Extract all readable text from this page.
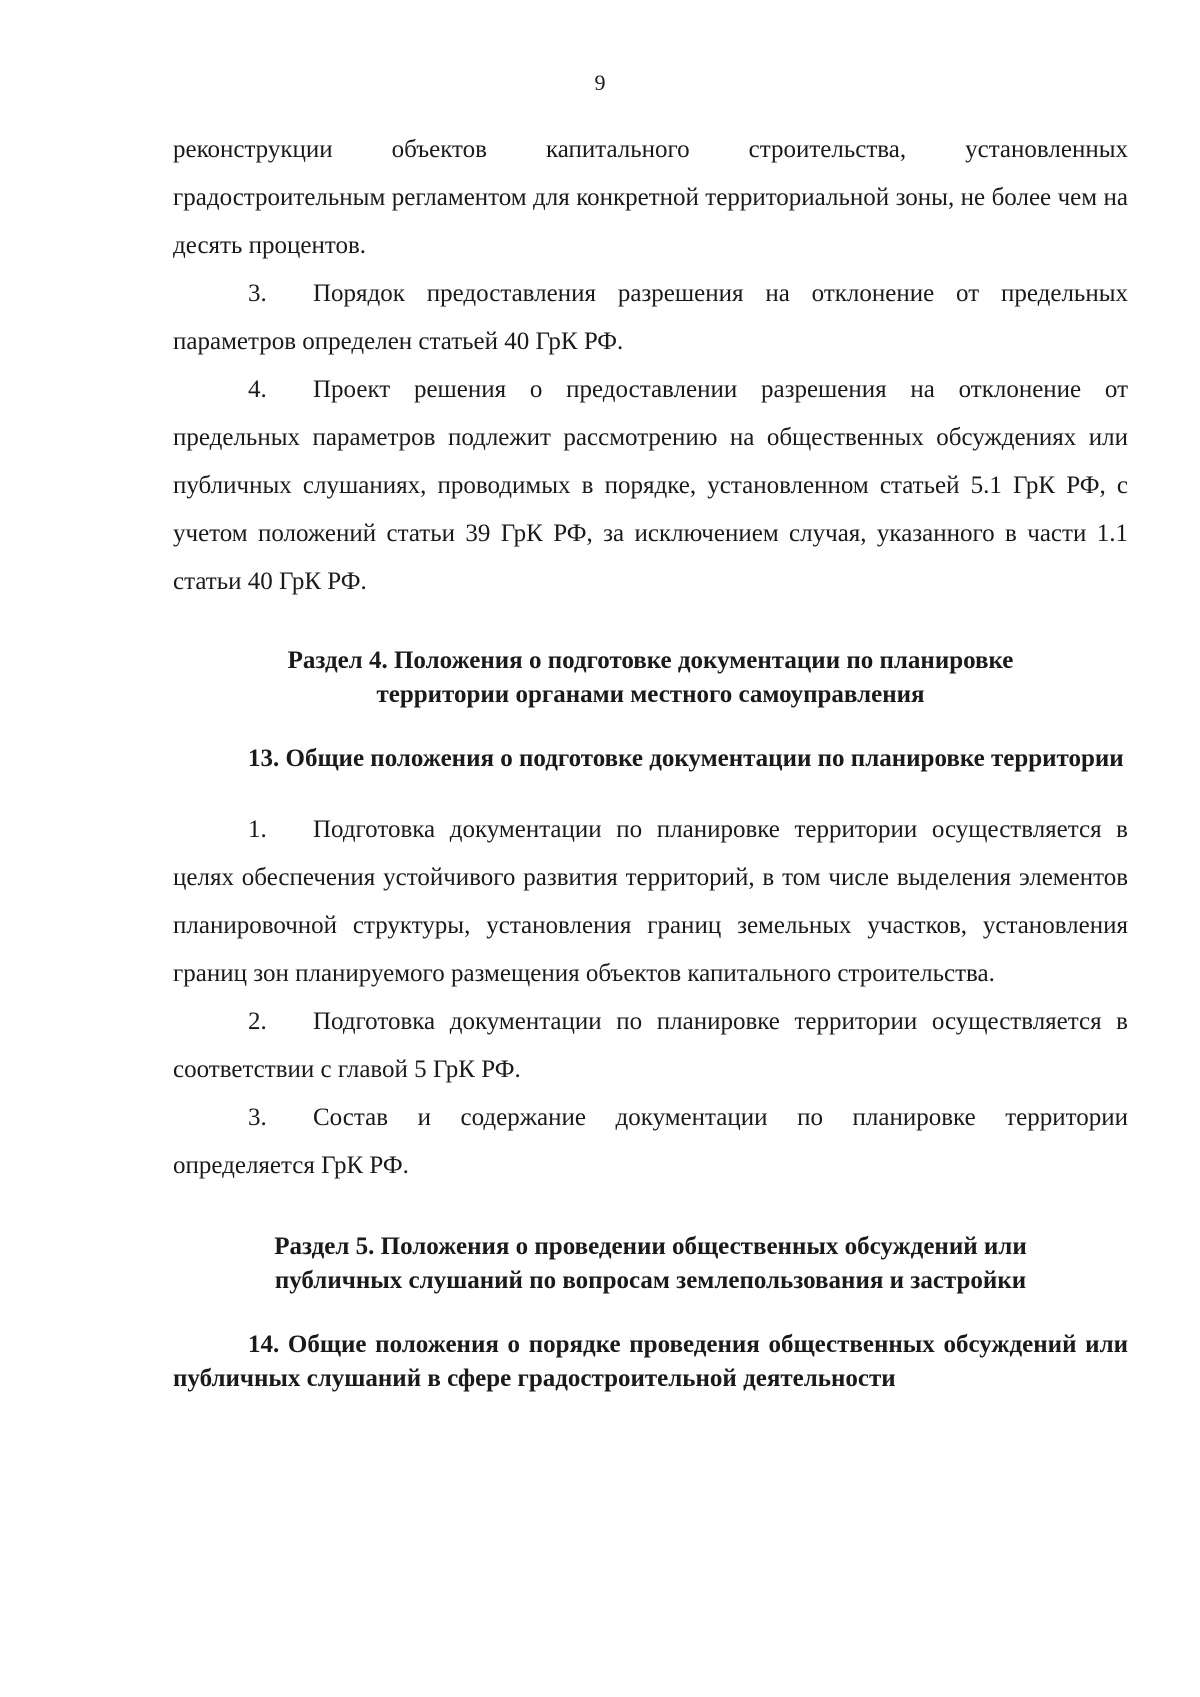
9

реконструкции объектов капитального строительства, установленных градостроительным регламентом для конкретной территориальной зоны, не более чем на десять процентов.

3. Порядок предоставления разрешения на отклонение от предельных параметров определен статьей 40 ГрК РФ.

4. Проект решения о предоставлении разрешения на отклонение от предельных параметров подлежит рассмотрению на общественных обсуждениях или публичных слушаниях, проводимых в порядке, установленном статьей 5.1 ГрК РФ, с учетом положений статьи 39 ГрК РФ, за исключением случая, указанного в части 1.1 статьи 40 ГрК РФ.

Раздел 4. Положения о подготовке документации по планировке
территории органами местного самоуправления

13. Общие положения о подготовке документации по планировке территории

1. Подготовка документации по планировке территории осуществляется в целях обеспечения устойчивого развития территорий, в том числе выделения элементов планировочной структуры, установления границ земельных участков, установления границ зон планируемого размещения объектов капитального строительства.

2. Подготовка документации по планировке территории осуществляется в соответствии с главой 5 ГрК РФ.

3. Состав и содержание документации по планировке территории определяется ГрК РФ.

Раздел 5. Положения о проведении общественных обсуждений или
публичных слушаний по вопросам землепользования и застройки

14. Общие положения о порядке проведения общественных обсуждений или публичных слушаний в сфере градостроительной деятельности
